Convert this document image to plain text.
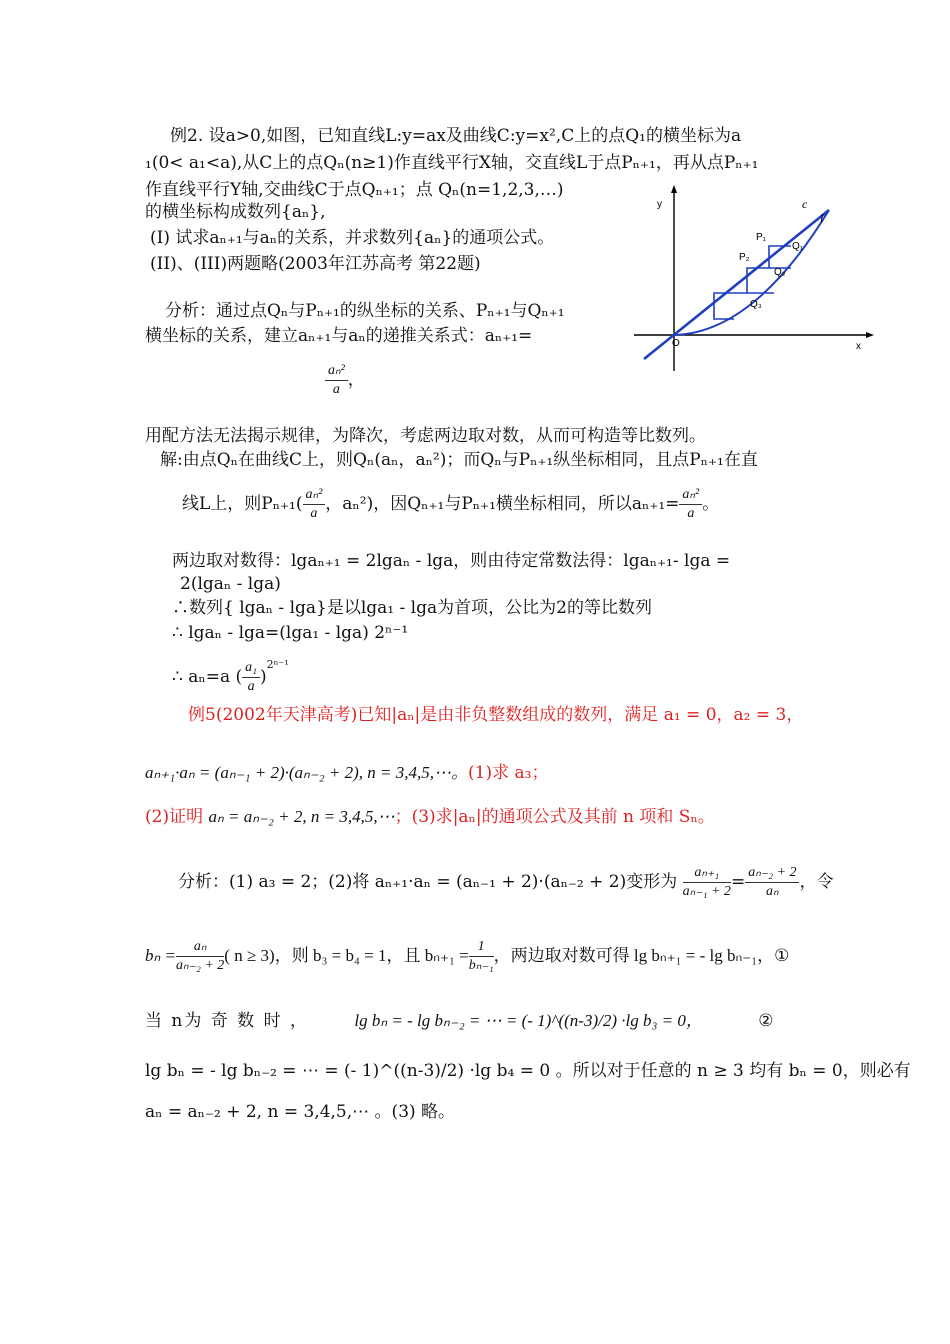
例2. 设a>0,如图，已知直线L:y=ax及曲线C:y=x²,C上的点Q₁的横坐标为a
₁(0< a₁<a),从C上的点Qₙ(n≥1)作直线平行X轴，交直线L于点Pₙ₊₁，再从点Pₙ₊₁
作直线平行Y轴,交曲线C于点Qₙ₊₁；点 Qₙ(n=1,2,3,…)
的横坐标构成数列{aₙ},
(I) 试求aₙ₊₁与aₙ的关系，并求数列{aₙ}的通项公式。
(II)、(III)两题略(2003年江苏高考 第22题)
分析：通过点Qₙ与Pₙ₊₁的纵坐标的关系、Pₙ₊₁与Qₙ₊₁
横坐标的关系，建立aₙ₊₁与aₙ的递推关系式：aₙ₊₁=
$\frac{\text{aₙ²}}{a}$ ，
用配方法无法揭示规律，为降次，考虑两边取对数，从而可构造等比数列。
解:由点Qₙ在曲线C上，则Qₙ(aₙ，aₙ²)；而Qₙ与Pₙ₊₁纵坐标相同，且点Pₙ₊₁在直
线L上，则$P_{n+1}( \frac{\text{aₙ²}}{a}$ ，aₙ²)，因Qₙ₊₁与Pₙ₊₁横坐标相同，所以$a_{n+1}= \frac{\text{aₙ²}}{a}$ 。
两边取对数得：lgaₙ₊₁ = 2lgaₙ - lga，则由待定常数法得：lgaₙ₊₁- lga =
2(lgaₙ - lga)
∴数列{ lgaₙ - lga}是以lga₁ - lga为首项，公比为2的等比数列
∴ lgaₙ - lga=(lga₁ - lga) 2ⁿ⁻¹
∴ aₙ=a ( $\frac{\text{a₁}}{a} )^{2^{n-1}}$
例5(2002年天津高考)已知|aₙ|是由非负整数组成的数列，满足 a₁ = 0，a₂ = 3，
aₙ₊₁·aₙ = (aₙ₋₁ + 2)·(aₙ₋₂ + 2), n = 3,4,5,⋯。(1)求 a₃；
(2)证明 aₙ = aₙ₋₂ + 2, n = 3,4,5,⋯；(3)求|aₙ|的通项公式及其前 n 项和 Sₙ。
分析：(1) a₃ = 2；(2)将 aₙ₊₁·aₙ = (aₙ₋₁ + 2)·(aₙ₋₂ + 2)变形为 $\frac{\text{aₙ₊₁}}{\text{aₙ₋₁ + 2}} = \frac{\text{aₙ₋₂ + 2}}{\text{aₙ}}$ ，令
$b_n = \frac{\text{aₙ}}{\text{aₙ₋₂ + 2}}$ ( n ≥ 3)，则 b₃ = b₄ = 1，且 $b_{n+1} = \frac{1}{\text{bₙ₋₁}}$ ，两边取对数可得 lg bₙ₊₁ = - lg bₙ₋₁，①
当 n为 奇 数 时 ，	lg bₙ = - lg bₙ₋₂ = ⋯ = (- 1)^((n-3)/2) ·lg b₃ = 0，	②
lg bₙ = - lg bₙ₋₂ = ⋯ = (- 1)^((n-3)/2) ·lg b₄ = 0 。所以对于任意的 n ≥ 3 均有 bₙ = 0，则必有
aₙ = aₙ₋₂ + 2, n = 3,4,5,⋯ 。(3) 略。
y
x
O
c
l
P₁
P₂
Q₁
Q₂
Q₃
